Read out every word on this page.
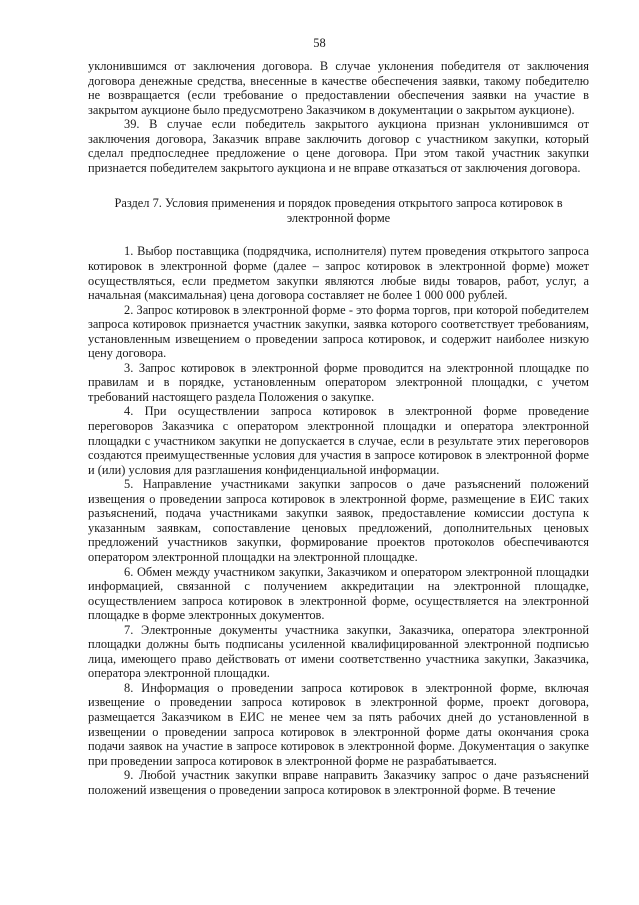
58

уклонившимся от заключения договора. В случае уклонения победителя от заключения договора денежные средства, внесенные в качестве обеспечения заявки, такому победителю не возвращается (если требование о предоставлении обеспечения заявки на участие в закрытом аукционе было предусмотрено Заказчиком в документации о закрытом аукционе).

39. В случае если победитель закрытого аукциона признан уклонившимся от заключения договора, Заказчик вправе заключить договор с участником закупки, который сделал предпоследнее предложение о цене договора. При этом такой участник закупки признается победителем закрытого аукциона и не вправе отказаться от заключения договора.

Раздел 7. Условия применения и порядок проведения открытого запроса котировок в электронной форме

1. Выбор поставщика (подрядчика, исполнителя) путем проведения открытого запроса котировок в электронной форме (далее – запрос котировок в электронной форме) может осуществляться, если предметом закупки являются любые виды товаров, работ, услуг, а начальная (максимальная) цена договора составляет не более 1 000 000 рублей.

2. Запрос котировок в электронной форме - это форма торгов, при которой победителем запроса котировок признается участник закупки, заявка которого соответствует требованиям, установленным извещением о проведении запроса котировок, и содержит наиболее низкую цену договора.

3. Запрос котировок в электронной форме проводится на электронной площадке по правилам и в порядке, установленным оператором электронной площадки, с учетом требований настоящего раздела Положения о закупке.

4. При осуществлении запроса котировок в электронной форме проведение переговоров Заказчика с оператором электронной площадки и оператора электронной площадки с участником закупки не допускается в случае, если в результате этих переговоров создаются преимущественные условия для участия в запросе котировок в электронной форме и (или) условия для разглашения конфиденциальной информации.

5. Направление участниками закупки запросов о даче разъяснений положений извещения о проведении запроса котировок в электронной форме, размещение в ЕИС таких разъяснений, подача участниками закупки заявок, предоставление комиссии доступа к указанным заявкам, сопоставление ценовых предложений, дополнительных ценовых предложений участников закупки, формирование проектов протоколов обеспечиваются оператором электронной площадки на электронной площадке.

6. Обмен между участником закупки, Заказчиком и оператором электронной площадки информацией, связанной с получением аккредитации на электронной площадке, осуществлением запроса котировок в электронной форме, осуществляется на электронной площадке в форме электронных документов.

7. Электронные документы участника закупки, Заказчика, оператора электронной площадки должны быть подписаны усиленной квалифицированной электронной подписью лица, имеющего право действовать от имени соответственно участника закупки, Заказчика, оператора электронной площадки.

8. Информация о проведении запроса котировок в электронной форме, включая извещение о проведении запроса котировок в электронной форме, проект договора, размещается Заказчиком в ЕИС не менее чем за пять рабочих дней до установленной в извещении о проведении запроса котировок в электронной форме даты окончания срока подачи заявок на участие в запросе котировок в электронной форме. Документация о закупке при проведении запроса котировок в электронной форме не разрабатывается.

9. Любой участник закупки вправе направить Заказчику запрос о даче разъяснений положений извещения о проведении запроса котировок в электронной форме. В течение
